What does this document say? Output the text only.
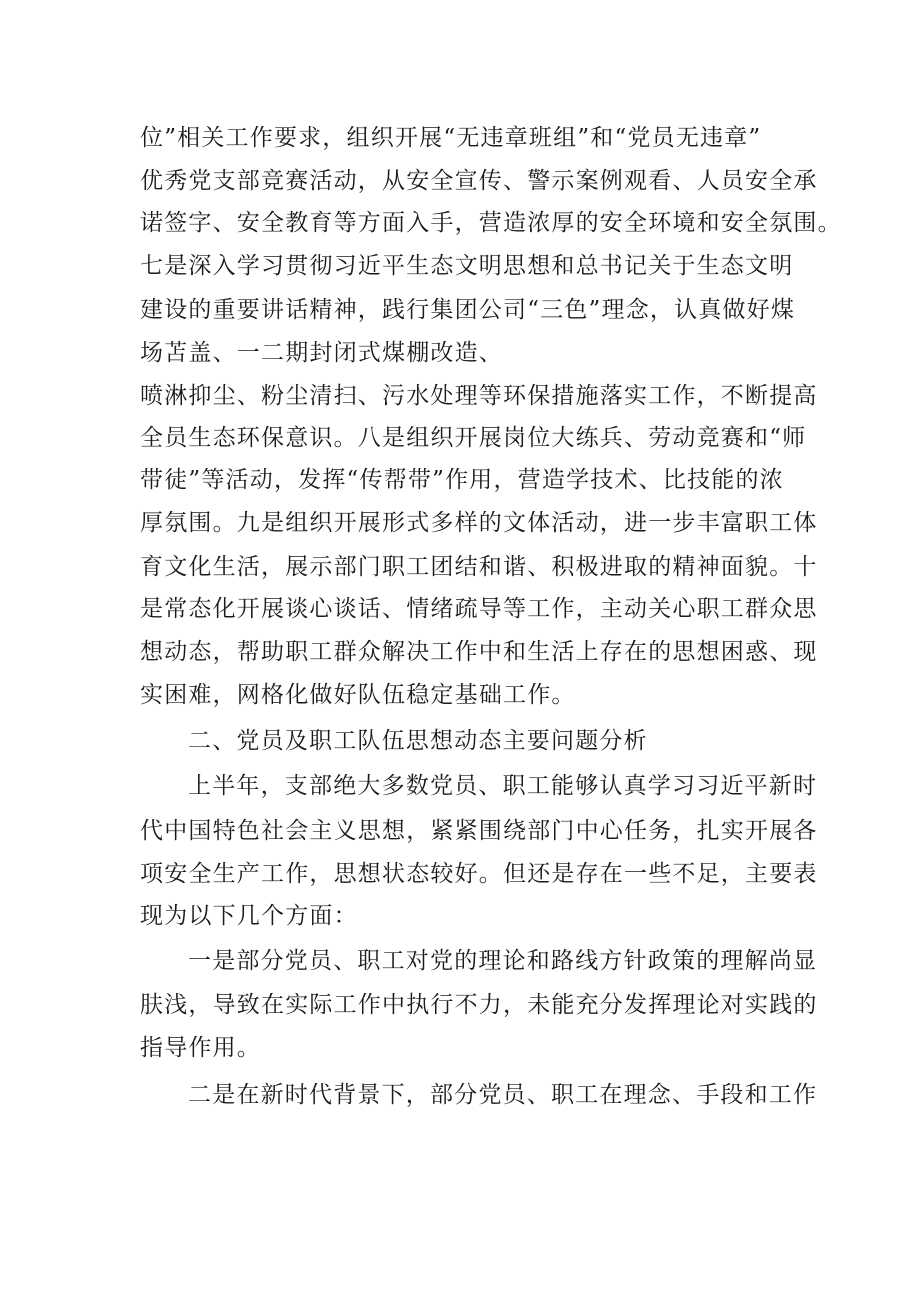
位”相关工作要求，组织开展“无违章班组”和“党员无违章”
优秀党支部竞赛活动，从安全宣传、警示案例观看、人员安全承
诺签字、安全教育等方面入手，营造浓厚的安全环境和安全氛围。
七是深入学习贯彻习近平生态文明思想和总书记关于生态文明
建设的重要讲话精神，践行集团公司“三色”理念，认真做好煤
场苫盖、一二期封闭式煤棚改造、
喷淋抑尘、粉尘清扫、污水处理等环保措施落实工作，不断提高
全员生态环保意识。八是组织开展岗位大练兵、劳动竞赛和“师
带徒”等活动，发挥“传帮带”作用，营造学技术、比技能的浓
厚氛围。九是组织开展形式多样的文体活动，进一步丰富职工体
育文化生活，展示部门职工团结和谐、积极进取的精神面貌。十
是常态化开展谈心谈话、情绪疏导等工作，主动关心职工群众思
想动态，帮助职工群众解决工作中和生活上存在的思想困惑、现
实困难，网格化做好队伍稳定基础工作。
二、党员及职工队伍思想动态主要问题分析
上半年，支部绝大多数党员、职工能够认真学习习近平新时
代中国特色社会主义思想，紧紧围绕部门中心任务，扎实开展各
项安全生产工作，思想状态较好。但还是存在一些不足，主要表
现为以下几个方面：
一是部分党员、职工对党的理论和路线方针政策的理解尚显
肤浅，导致在实际工作中执行不力，未能充分发挥理论对实践的
指导作用。
二是在新时代背景下，部分党员、职工在理念、手段和工作
